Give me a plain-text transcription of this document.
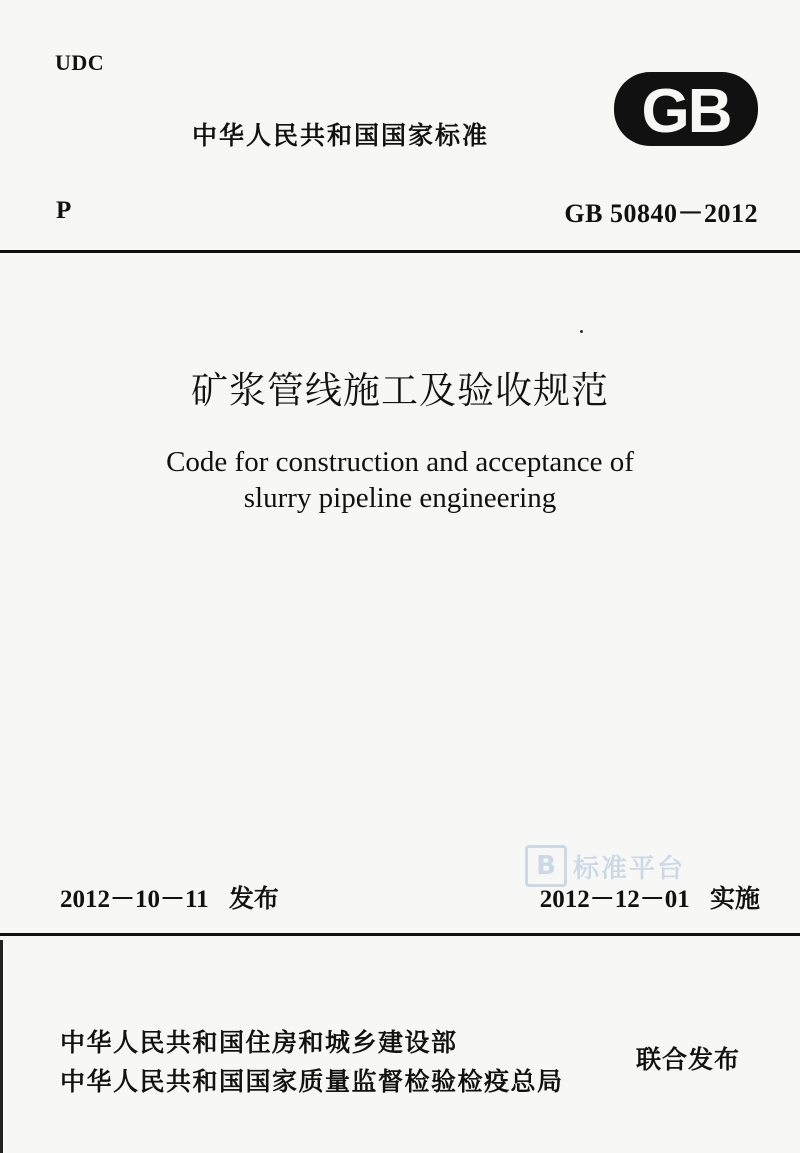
UDC
中华人民共和国国家标准 GB
P	GB 50840－2012
矿浆管线施工及验收规范
Code for construction and acceptance of
slurry pipeline engineering
B 标准平台
2012－10－11 发布	2012－12－01 实施
中华人民共和国住房和城乡建设部
中华人民共和国国家质量监督检验检疫总局
联合发布
